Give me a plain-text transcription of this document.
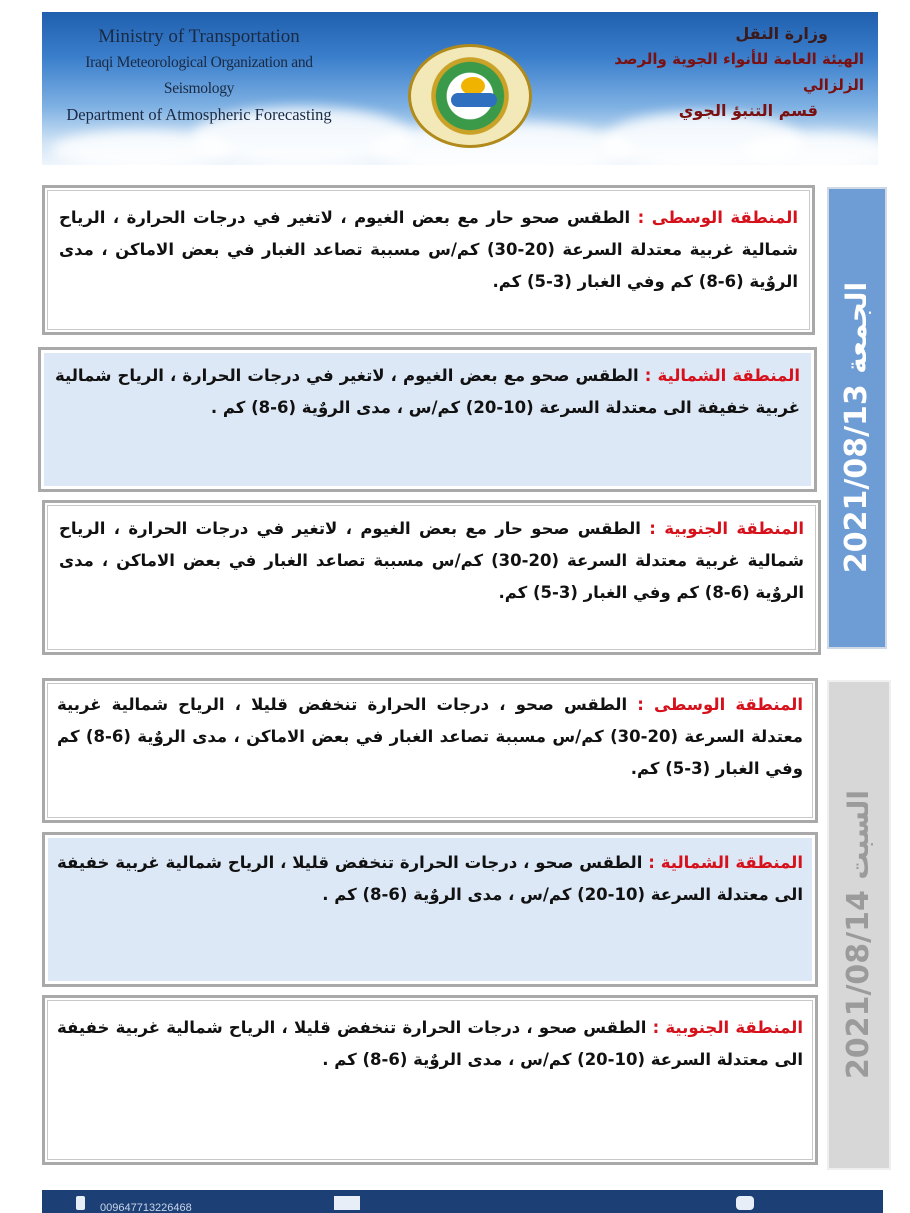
Ministry of Transportation
Iraqi Meteorological Organization and Seismology
Department of Atmospheric Forecasting
وزارة النقل
الهيئة العامة للأنواء الجوية والرصد الزلزالي
قسم التنبؤ الجوي
المنطقة الوسطى : الطقس صحو حار مع بعض الغيوم ، لاتغير في درجات الحرارة ، الرياح شمالية غربية معتدلة السرعة (20-30) كم/س مسببة تصاعد الغبار في بعض الاماكن ، مدى الروٌية (6-8) كم وفي الغبار (3-5) كم.
المنطقة الشمالية : الطقس صحو مع بعض الغيوم ، لاتغير في درجات الحرارة ، الرياح شمالية غربية خفيفة الى معتدلة السرعة (10-20) كم/س ، مدى الروٌية (6-8) كم .
المنطقة الجنوبية : الطقس صحو حار مع بعض الغيوم ، لاتغير في درجات الحرارة ، الرياح شمالية غربية معتدلة السرعة (20-30) كم/س مسببة تصاعد الغبار في بعض الاماكن ، مدى الروٌية (6-8) كم وفي الغبار (3-5) كم.
2021/08/13 الجمعة
المنطقة الوسطى : الطقس صحو ، درجات الحرارة تنخفض قليلا ، الرياح شمالية غربية معتدلة السرعة (20-30) كم/س مسببة تصاعد الغبار في بعض الاماكن ، مدى الروٌية (6-8) كم وفي الغبار (3-5) كم.
المنطقة الشمالية : الطقس صحو ، درجات الحرارة تنخفض قليلا ، الرياح شمالية غربية خفيفة الى معتدلة السرعة (10-20) كم/س ، مدى الروٌية (6-8) كم .
المنطقة الجنوبية : الطقس صحو ، درجات الحرارة تنخفض قليلا ، الرياح شمالية غربية خفيفة الى معتدلة السرعة (10-20) كم/س ، مدى الروٌية (6-8) كم .	2021/08/14 السبت
009647713226468
